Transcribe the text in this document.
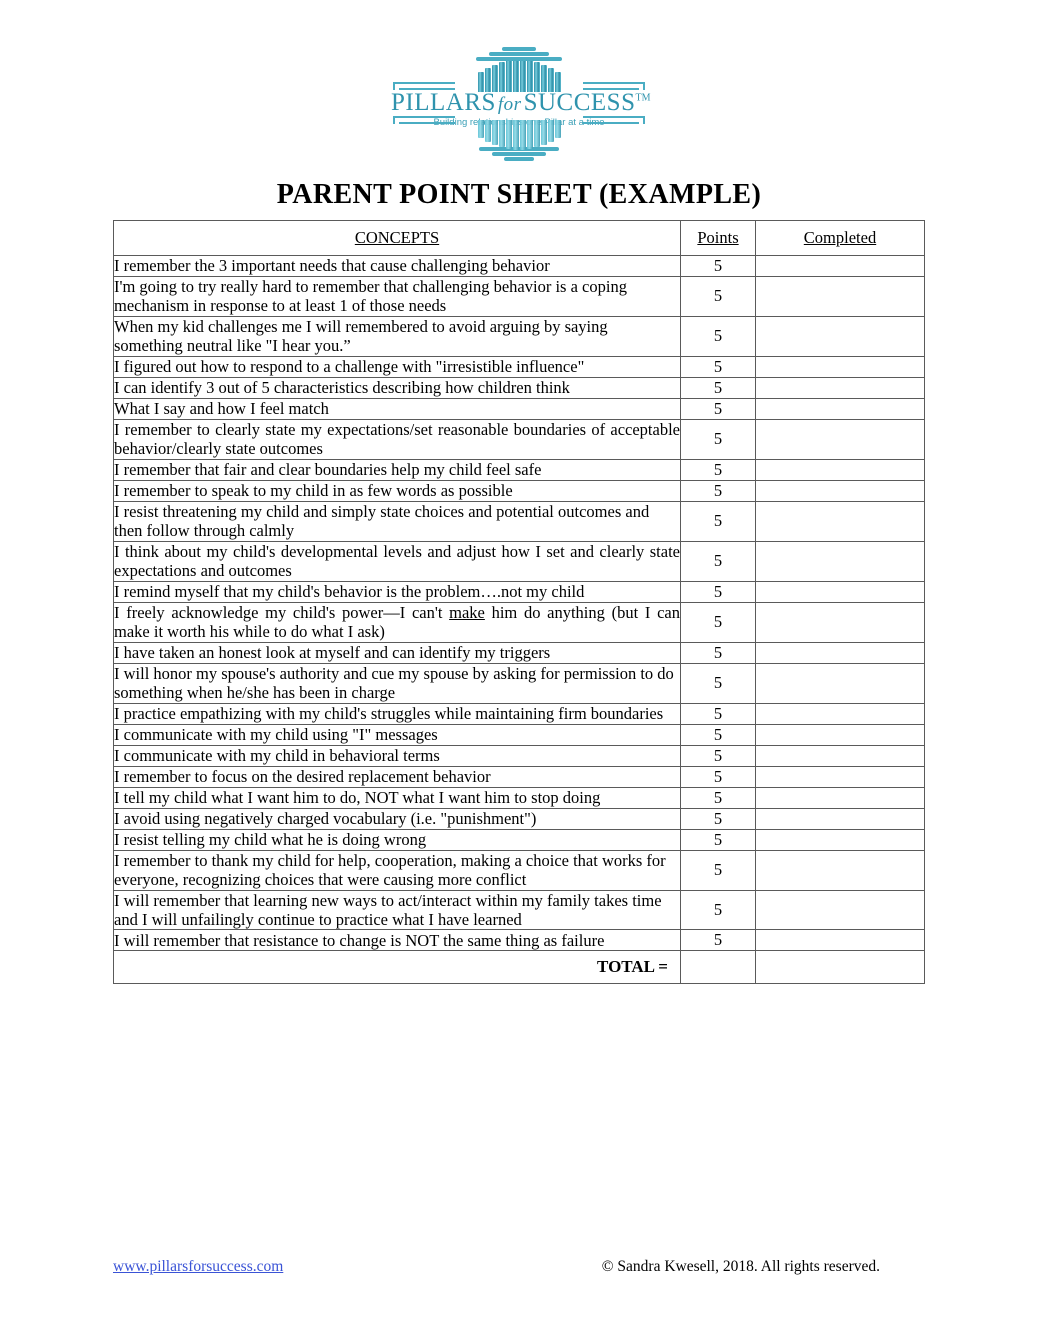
PILLARS forSUCCESS™
at a
PARENT POINT SHEET (EXAMPLE)
CONCEPTS	Points	Completed
I remember the 3 important needs that cause challenging behavior	5	
I'm going to try really hard to remember that challenging behavior is a coping mechanism in response to at least 1 of those needs	5	
When my kid challenges me I will remembered to avoid arguing by saying something neutral like "I hear you.”	5	
I figured out how to respond to a challenge with "irresistible influence"	5	
I can identify 3 out of 5 characteristics describing how children think	5	
What I say and how I feel match	5	
I remember to clearly state my expectations/set reasonable boundaries of acceptable behavior/clearly state outcomes	5	
I remember that fair and clear boundaries help my child feel safe	5	
I remember to speak to my child in as few words as possible	5	
I resist threatening my child and simply state choices and potential outcomes and then follow through calmly	5	
I think about my child's developmental levels and adjust how I set and clearly state expectations and outcomes	5	
I remind myself that my child's behavior is the problem….not my child	5	
I freely acknowledge my child's power—I can't make him do anything (but I can make it worth his while to do what I ask)	5	
I have taken an honest look at myself and can identify my triggers	5	
I will honor my spouse's authority and cue my spouse by asking for permission to do something when he/she has been in charge	5	
I practice empathizing with my child's struggles while maintaining firm boundaries	5	
I communicate with my child using "I" messages	5	
I communicate with my child in behavioral terms	5	
I remember to focus on the desired replacement behavior	5	
I tell my child what I want him to do, NOT what I want him to stop doing	5	
I avoid using negatively charged vocabulary (i.e. "punishment")	5	
I resist telling my child what he is doing wrong	5	
I remember to thank my child for help, cooperation, making a choice that works for everyone, recognizing choices that were causing more conflict	5	
I will remember that learning new ways to act/interact within my family takes time and I will unfailingly continue to practice what I have learned	5	
I will remember that resistance to change is NOT the same thing as failure	5	
TOTAL =		
www.pillarsforsuccess.com	© Sandra Kwesell, 2018. All rights reserved.
